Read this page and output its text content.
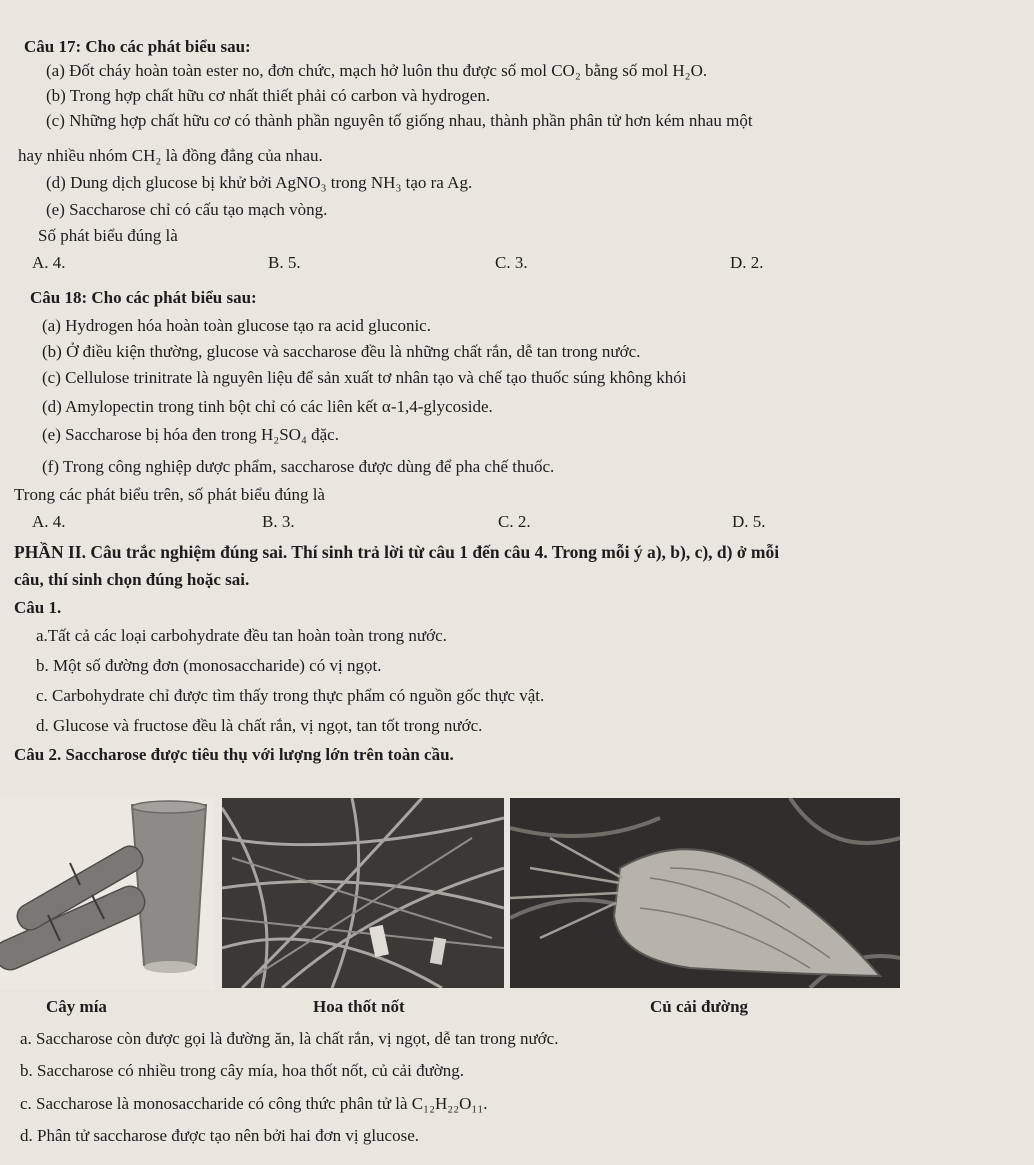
Câu 17: Cho các phát biểu sau:
(a) Đốt cháy hoàn toàn ester no, đơn chức, mạch hở luôn thu được số mol CO₂ bằng số mol H₂O.
(b) Trong hợp chất hữu cơ nhất thiết phải có carbon và hydrogen.
(c) Những hợp chất hữu cơ có thành phần nguyên tố giống nhau, thành phần phân tử hơn kém nhau một
hay nhiều nhóm CH₂ là đồng đẳng của nhau.
(d) Dung dịch glucose bị khử bởi AgNO₃ trong NH₃ tạo ra Ag.
(e) Saccharose chỉ có cấu tạo mạch vòng.
Số phát biểu đúng là
A. 4.	B. 5.	C. 3.	D. 2.
Câu 18: Cho các phát biểu sau:
(a) Hydrogen hóa hoàn toàn glucose tạo ra acid gluconic.
(b) Ở điều kiện thường, glucose và saccharose đều là những chất rắn, dễ tan trong nước.
(c) Cellulose trinitrate là nguyên liệu để sản xuất tơ nhân tạo và chế tạo thuốc súng không khói
(d) Amylopectin trong tinh bột chỉ có các liên kết α-1,4-glycoside.
(e) Saccharose bị hóa đen trong H₂SO₄ đặc.
(f) Trong công nghiệp dược phẩm, saccharose được dùng để pha chế thuốc.
Trong các phát biểu trên, số phát biểu đúng là
A. 4.	B. 3.	C. 2.	D. 5.
PHẦN II. Câu trắc nghiệm đúng sai. Thí sinh trả lời từ câu 1 đến câu 4. Trong mỗi ý a), b), c), d) ở mỗi
câu, thí sinh chọn đúng hoặc sai.
Câu 1.
a.Tất cả các loại carbohydrate đều tan hoàn toàn trong nước.
b. Một số đường đơn (monosaccharide) có vị ngọt.
c. Carbohydrate chỉ được tìm thấy trong thực phẩm có nguồn gốc thực vật.
d. Glucose và fructose đều là chất rắn, vị ngọt, tan tốt trong nước.
Câu 2. Saccharose được tiêu thụ với lượng lớn trên toàn cầu.
Cây mía	Hoa thốt nốt	Củ cải đường
a. Saccharose còn được gọi là đường ăn, là chất rắn, vị ngọt, dễ tan trong nước.
b. Saccharose có nhiều trong cây mía, hoa thốt nốt, củ cải đường.
c. Saccharose là monosaccharide có công thức phân tử là C₁₂H₂₂O₁₁.
d. Phân tử saccharose được tạo nên bởi hai đơn vị glucose.
